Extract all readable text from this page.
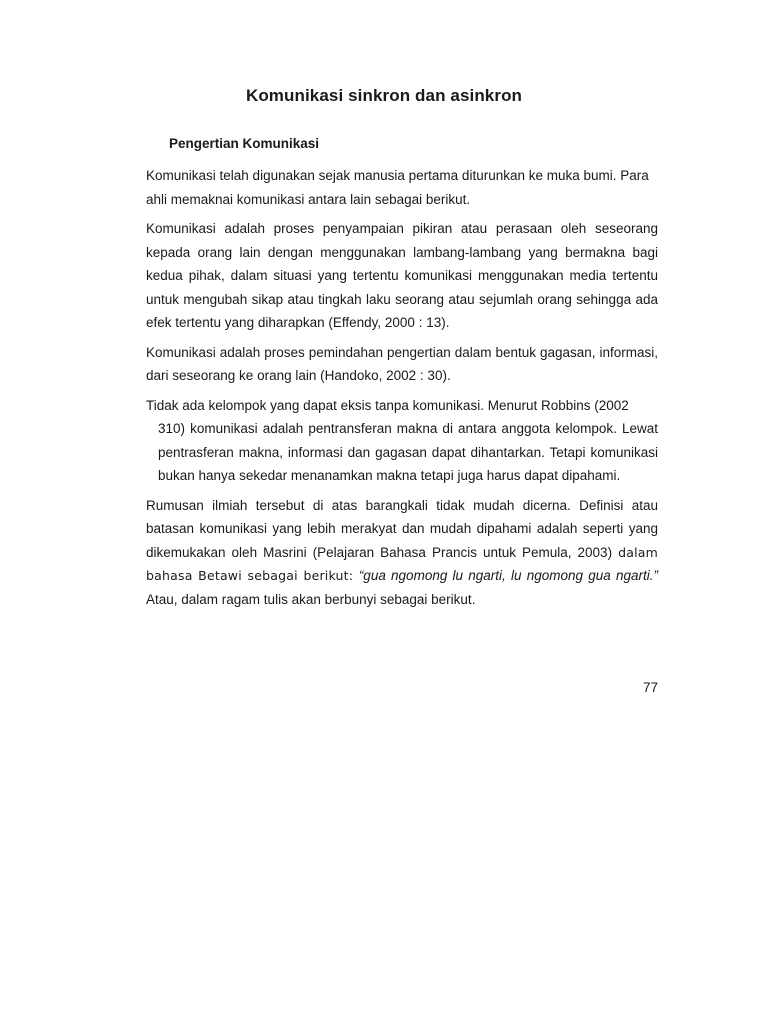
Komunikasi sinkron dan asinkron
Pengertian Komunikasi

Komunikasi telah digunakan sejak manusia pertama diturunkan ke muka bumi. Para ahli memaknai komunikasi antara lain sebagai berikut.

Komunikasi adalah proses penyampaian pikiran atau perasaan oleh seseorang kepada orang lain dengan menggunakan lambang-lambang yang bermakna bagi kedua pihak, dalam situasi yang tertentu komunikasi menggunakan media tertentu untuk mengubah sikap atau tingkah laku seorang atau sejumlah orang sehingga ada efek tertentu yang diharapkan (Effendy, 2000 : 13).

Komunikasi adalah proses pemindahan pengertian dalam bentuk gagasan, informasi, dari seseorang ke orang lain (Handoko, 2002 : 30).

Tidak ada kelompok yang dapat eksis tanpa komunikasi. Menurut Robbins (2002
310) komunikasi adalah pentransferan makna di antara anggota kelompok. Lewat pentrasferan makna, informasi dan gagasan dapat dihantarkan. Tetapi komunikasi bukan hanya sekedar menanamkan makna tetapi juga harus dapat dipahami.

Rumusan ilmiah tersebut di atas barangkali tidak mudah dicerna. Definisi atau batasan komunikasi yang lebih merakyat dan mudah dipahami adalah seperti yang dikemukakan oleh Masrini (Pelajaran Bahasa Prancis untuk Pemula, 2003) dalam bahasa Betawi sebagai berikut: “gua ngomong lu ngarti, lu ngomong gua ngarti.” Atau, dalam ragam tulis akan berbunyi sebagai berikut.

77
